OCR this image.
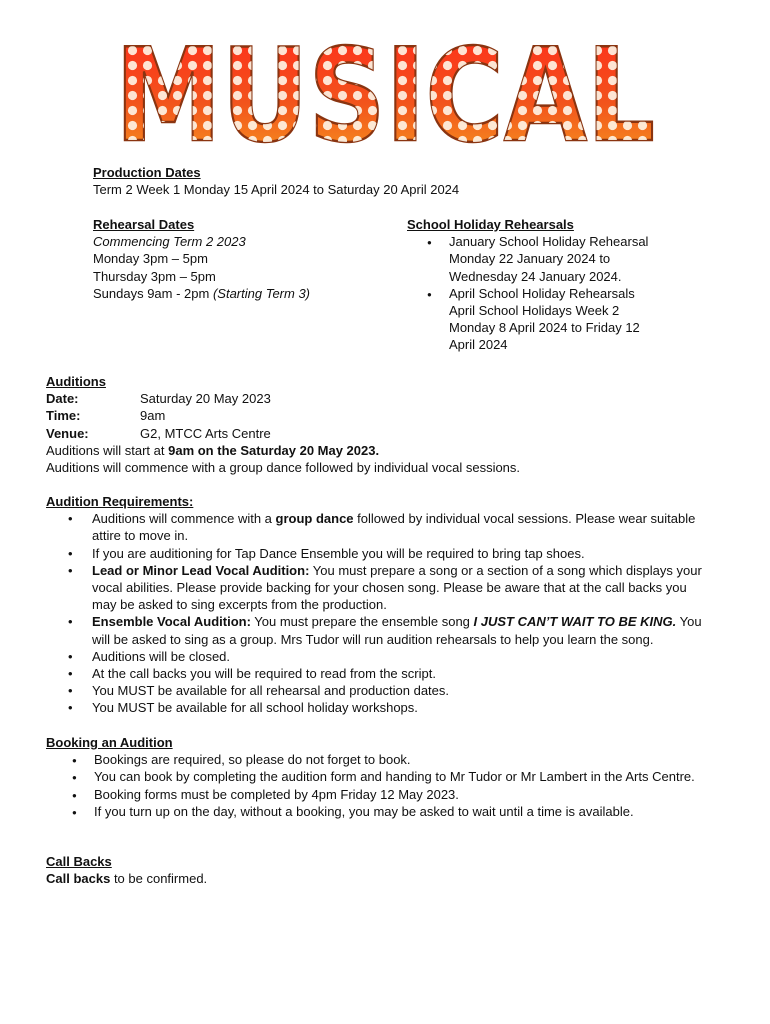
MUSICAL
MUSICAL
Production Dates
Term 2 Week 1 Monday 15 April 2024 to Saturday 20 April 2024
Rehearsal Dates
Commencing Term 2 2023
Monday 3pm – 5pm
Thursday 3pm – 5pm
Sundays 9am - 2pm (Starting Term 3)
School Holiday Rehearsals
● January School Holiday Rehearsal
Monday 22 January 2024 to
Wednesday 24 January 2024.
● April School Holiday Rehearsals
April School Holidays Week 2
Monday 8 April 2024 to Friday 12
April 2024
Auditions
Date:	Saturday 20 May 2023
Time:	9am
Venue:	G2, MTCC Arts Centre
Auditions will start at 9am on the Saturday 20 May 2023.
Auditions will commence with a group dance followed by individual vocal sessions.
Audition Requirements:
• Auditions will commence with a group dance followed by individual vocal sessions. Please wear suitable attire to move in.
• If you are auditioning for Tap Dance Ensemble you will be required to bring tap shoes.
• Lead or Minor Lead Vocal Audition: You must prepare a song or a section of a song which displays your vocal abilities. Please provide backing for your chosen song. Please be aware that at the call backs you may be asked to sing excerpts from the production.
• Ensemble Vocal Audition: You must prepare the ensemble song I JUST CAN’T WAIT TO BE KING. You will be asked to sing as a group. Mrs Tudor will run audition rehearsals to help you learn the song.
• Auditions will be closed.
• At the call backs you will be required to read from the script.
• You MUST be available for all rehearsal and production dates.
• You MUST be available for all school holiday workshops.
Booking an Audition
● Bookings are required, so please do not forget to book.
● You can book by completing the audition form and handing to Mr Tudor or Mr Lambert in the Arts Centre.
● Booking forms must be completed by 4pm Friday 12 May 2023.
● If you turn up on the day, without a booking, you may be asked to wait until a time is available.
Call Backs
Call backs to be confirmed.
